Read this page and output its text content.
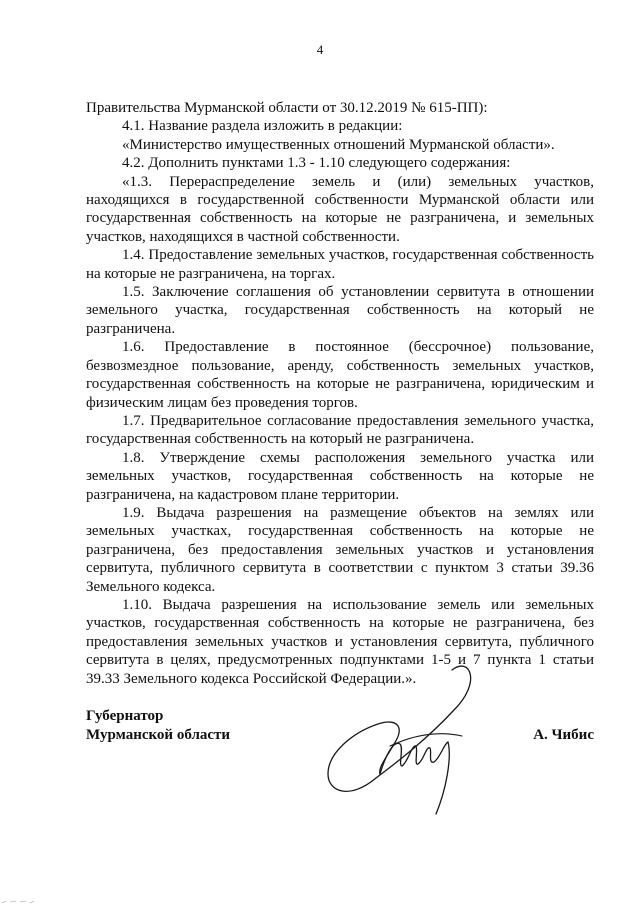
4

Правительства Мурманской области от 30.12.2019 № 615-ПП):

4.1. Название раздела изложить в редакции:

«Министерство имущественных отношений Мурманской области».

4.2. Дополнить пунктами 1.3 - 1.10 следующего содержания:

«1.3. Перераспределение земель и (или) земельных участков, находящихся в государственной собственности Мурманской области или государственная собственность на которые не разграничена, и земельных участков, находящихся в частной собственности.

1.4. Предоставление земельных участков, государственная собственность на которые не разграничена, на торгах.

1.5. Заключение соглашения об установлении сервитута в отношении земельного участка, государственная собственность на который не разграничена.

1.6. Предоставление в постоянное (бессрочное) пользование, безвозмездное пользование, аренду, собственность земельных участков, государственная собственность на которые не разграничена, юридическим и физическим лицам без проведения торгов.

1.7. Предварительное согласование предоставления земельного участка, государственная собственность на который не разграничена.

1.8. Утверждение схемы расположения земельного участка или земельных участков, государственная собственность на которые не разграничена, на кадастровом плане территории.

1.9. Выдача разрешения на размещение объектов на землях или земельных участках, государственная собственность на которые не разграничена, без предоставления земельных участков и установления сервитута, публичного сервитута в соответствии с пунктом 3 статьи 39.36 Земельного кодекса.

1.10. Выдача разрешения на использование земель или земельных участков, государственная собственность на которые не разграничена, без предоставления земельных участков и установления сервитута, публичного сервитута в целях, предусмотренных подпунктами 1-5 и 7 пункта 1 статьи 39.33 Земельного кодекса Российской Федерации.».

Губернатор
Мурманской области	А. Чибис
